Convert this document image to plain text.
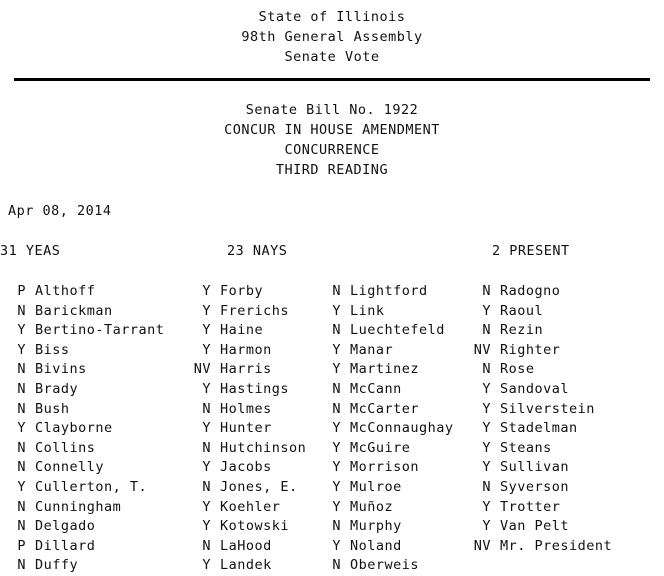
State of Illinois
98th General Assembly
Senate Vote
Senate Bill No. 1922
CONCUR IN HOUSE AMENDMENT
CONCURRENCE
THIRD READING
Apr 08, 2014

31 YEAS

	23 NAYS

	2 PRESENT

P Althoff
N Barickman
Y Bertino-Tarrant
Y Biss
N Bivins
N Brady
N Bush
Y Clayborne
N Collins
N Connelly
Y Cullerton, T.
N Cunningham
N Delgado
P Dillard
N Duffy
Y Forby
Y Frerichs
Y Haine
Y Harmon
NV Harris
Y Hastings
N Holmes
Y Hunter
N Hutchinson
Y Jacobs
N Jones, E.
Y Koehler
Y Kotowski
N LaHood
Y Landek
N Lightford
Y Link
N Luechtefeld
Y Manar
Y Martinez
N McCann
N McCarter
Y McConnaughay
Y McGuire
Y Morrison
Y Mulroe
Y Muñoz
N Murphy
Y Noland
N Oberweis
N Radogno
Y Raoul
N Rezin
NV Righter
N Rose
Y Sandoval
Y Silverstein
Y Stadelman
Y Steans
Y Sullivan
N Syverson
Y Trotter
Y Van Pelt
NV Mr. President
